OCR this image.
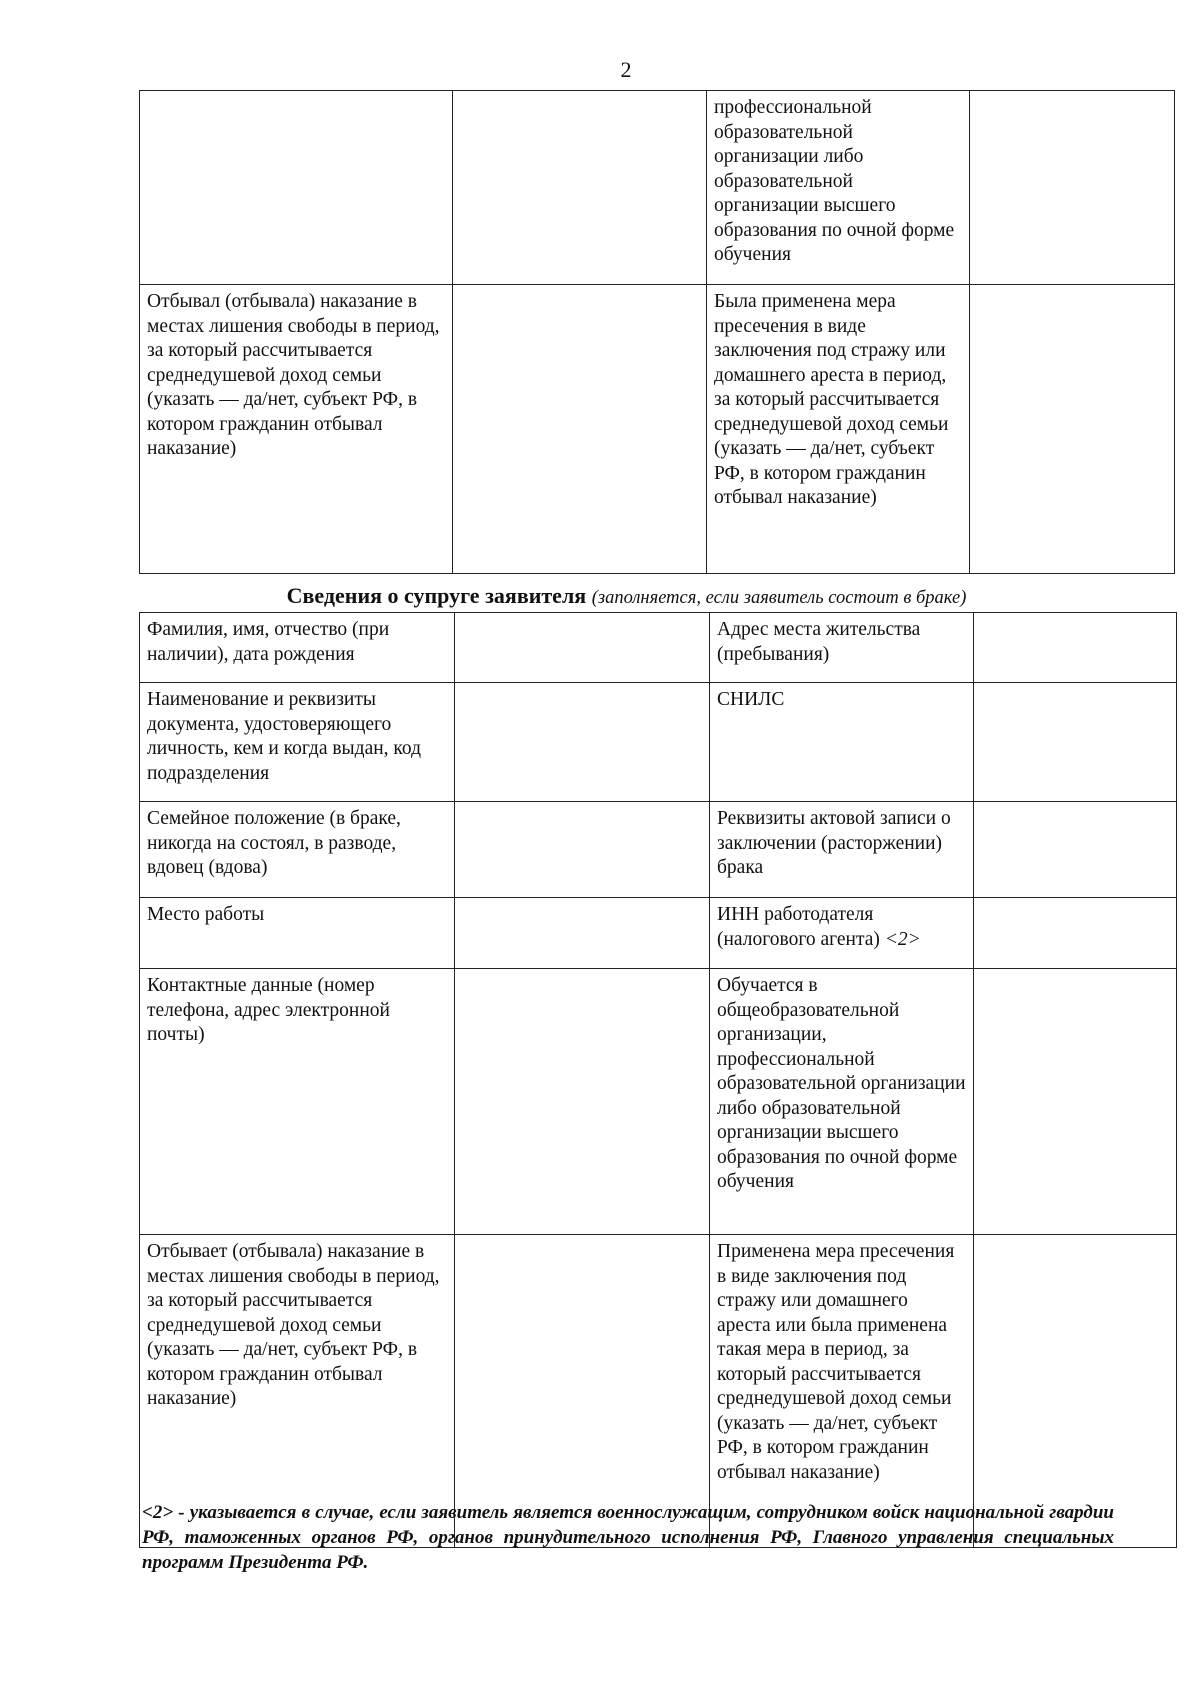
2
		профессиональной образовательной организации либо образовательной организации высшего образования по очной форме обучения	
Отбывал (отбывала) наказание в местах лишения свободы в период, за который рассчитывается среднедушевой доход семьи (указать — да/нет, субъект РФ, в котором гражданин отбывал наказание)		Была применена мера пресечения в виде заключения под стражу или домашнего ареста в период, за который рассчитывается среднедушевой доход семьи (указать — да/нет, субъект РФ, в котором гражданин отбывал наказание)	
Сведения о супруге заявителя (заполняется, если заявитель состоит в браке)
Фамилия, имя, отчество (при наличии), дата рождения		Адрес места жительства (пребывания)	
Наименование и реквизиты документа, удостоверяющего личность, кем и когда выдан, код подразделения		СНИЛС	
Семейное положение (в браке, никогда на состоял, в разводе, вдовец (вдова)		Реквизиты актовой записи о заключении (расторжении) брака	
Место работы		ИНН работодателя (налогового агента) <2>	
Контактные данные (номер телефона, адрес электронной почты)		Обучается в общеобразовательной организации, профессиональной образовательной организации либо образовательной организации высшего образования по очной форме обучения	
Отбывает (отбывала) наказание в местах лишения свободы в период, за который рассчитывается среднедушевой доход семьи (указать — да/нет, субъект РФ, в котором гражданин отбывал наказание)		Применена мера пресечения в виде заключения под стражу или домашнего ареста или была применена такая мера в период, за который рассчитывается среднедушевой доход семьи (указать — да/нет, субъект РФ, в котором гражданин отбывал наказание)	
<2> - указывается в случае, если заявитель является военнослужащим, сотрудником войск национальной гвардии РФ, таможенных органов РФ, органов принудительного исполнения РФ, Главного управления специальных программ Президента РФ.
